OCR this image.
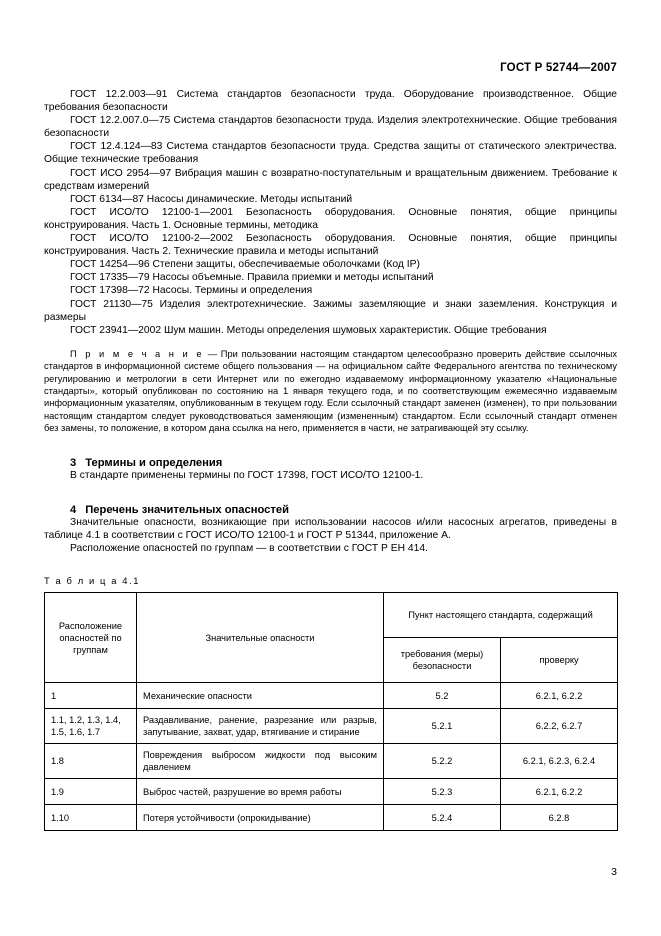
ГОСТ Р 52744—2007

ГОСТ 12.2.003—91 Система стандартов безопасности труда. Оборудование производственное. Общие требования безопасности

ГОСТ 12.2.007.0—75 Система стандартов безопасности труда. Изделия электротехнические. Общие требования безопасности

ГОСТ 12.4.124—83 Система стандартов безопасности труда. Средства защиты от статического электричества. Общие технические требования

ГОСТ ИСО 2954—97 Вибрация машин с возвратно-поступательным и вращательным движением. Требование к средствам измерений

ГОСТ 6134—87 Насосы динамические. Методы испытаний

ГОСТ ИСО/ТО 12100-1—2001 Безопасность оборудования. Основные понятия, общие принципы конструирования. Часть 1. Основные термины, методика

ГОСТ ИСО/ТО 12100-2—2002 Безопасность оборудования. Основные понятия, общие принципы конструирования. Часть 2. Технические правила и методы испытаний

ГОСТ 14254—96 Степени защиты, обеспечиваемые оболочками (Код IP)

ГОСТ 17335—79 Насосы объемные. Правила приемки и методы испытаний

ГОСТ 17398—72 Насосы. Термины и определения

ГОСТ 21130—75 Изделия электротехнические. Зажимы заземляющие и знаки заземления. Конструкция и размеры

ГОСТ 23941—2002 Шум машин. Методы определения шумовых характеристик. Общие требования

П р и м е ч а н и е — При пользовании настоящим стандартом целесообразно проверить действие ссылочных стандартов в информационной системе общего пользования — на официальном сайте Федерального агентства по техническому регулированию и метрологии в сети Интернет или по ежегодно издаваемому информационному указателю «Национальные стандарты», который опубликован по состоянию на 1 января текущего года, и по соответствующим ежемесячно издаваемым информационным указателям, опубликованным в текущем году. Если ссылочный стандарт заменен (изменен), то при пользовании настоящим стандартом следует руководствоваться заменяющим (измененным) стандартом. Если ссылочный стандарт отменен без замены, то положение, в котором дана ссылка на него, применяется в части, не затрагивающей эту ссылку.

3 Термины и определения

В стандарте применены термины по ГОСТ 17398, ГОСТ ИСО/ТО 12100-1.

4 Перечень значительных опасностей

Значительные опасности, возникающие при использовании насосов и/или насосных агрегатов, приведены в таблице 4.1 в соответствии с ГОСТ ИСО/ТО 12100-1 и ГОСТ Р 51344, приложение А.

Расположение опасностей по группам — в соответствии с ГОСТ Р ЕН 414.

Т а б л и ц а 4.1
Расположение опасностей по группам	Значительные опасности	Пункт настоящего стандарта, содержащий	
		требования (меры) безопасности	проверку
1	Механические опасности	5.2	6.2.1, 6.2.2
1.1, 1.2, 1.3, 1.4, 1.5, 1.6, 1.7	Раздавливание, ранение, разрезание или разрыв, запутывание, захват, удар, втягивание и стирание	5.2.1	6.2.2, 6.2.7
1.8	Повреждения выбросом жидкости под высоким давлением	5.2.2	6.2.1, 6.2.3, 6.2.4
1.9	Выброс частей, разрушение во время работы	5.2.3	6.2.1, 6.2.2
1.10	Потеря устойчивости (опрокидывание)	5.2.4	6.2.8
3
